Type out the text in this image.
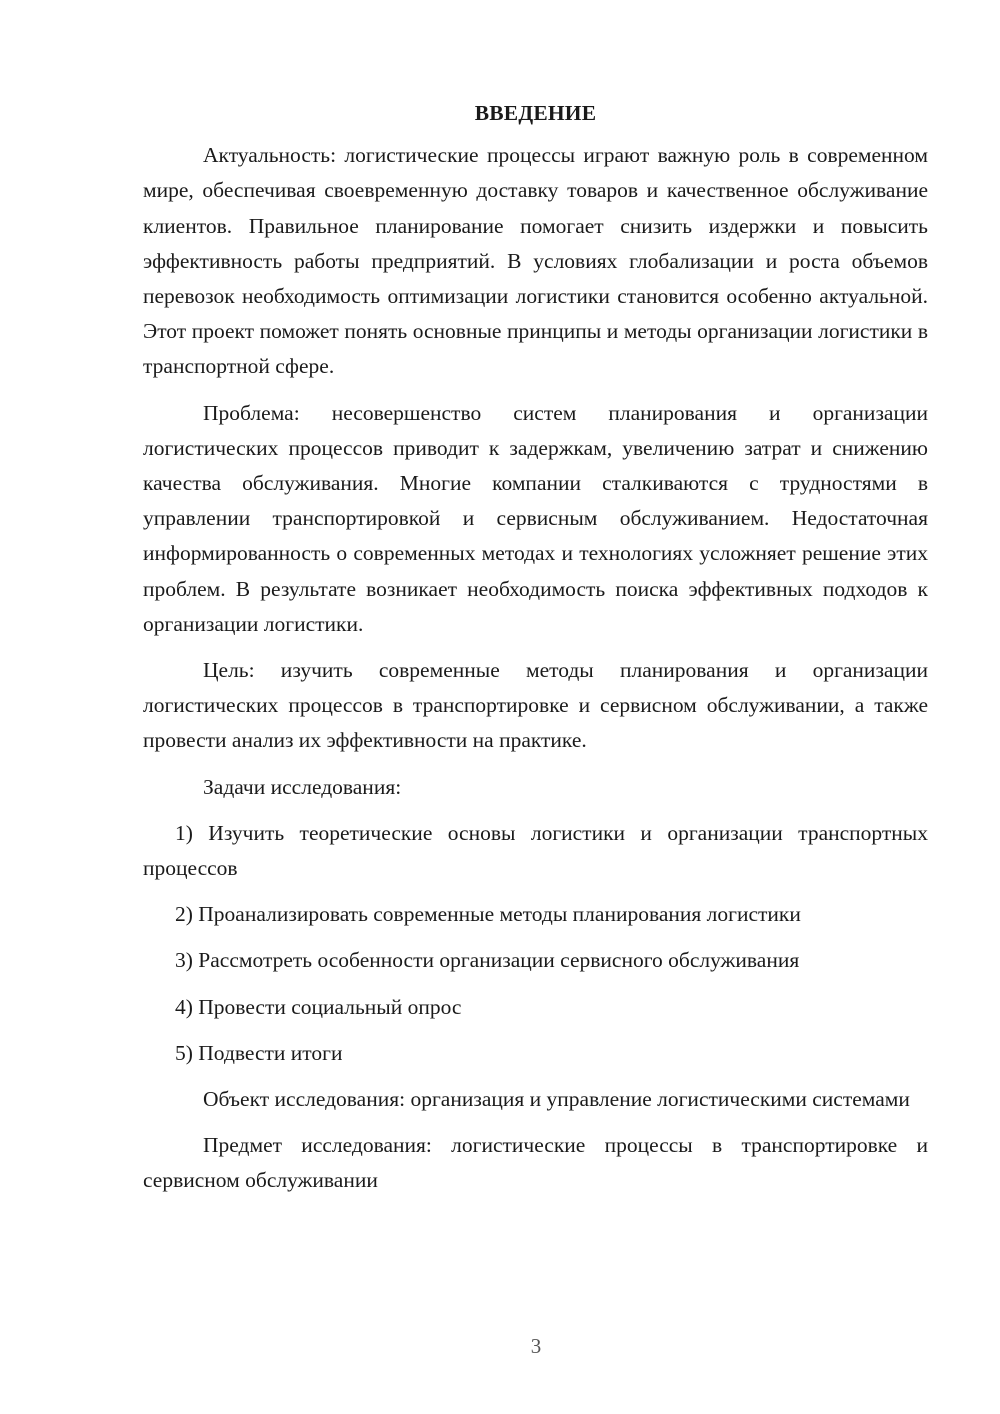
ВВЕДЕНИЕ

Актуальность: логистические процессы играют важную роль в современном мире, обеспечивая своевременную доставку товаров и качественное обслуживание клиентов. Правильное планирование помогает снизить издержки и повысить эффективность работы предприятий. В условиях глобализации и роста объемов перевозок необходимость оптимизации логистики становится особенно актуальной. Этот проект поможет понять основные принципы и методы организации логистики в транспортной сфере.

Проблема: несовершенство систем планирования и организации логистических процессов приводит к задержкам, увеличению затрат и снижению качества обслуживания. Многие компании сталкиваются с трудностями в управлении транспортировкой и сервисным обслуживанием. Недостаточная информированность о современных методах и технологиях усложняет решение этих проблем. В результате возникает необходимость поиска эффективных подходов к организации логистики.

Цель: изучить современные методы планирования и организации логистических процессов в транспортировке и сервисном обслуживании, а также провести анализ их эффективности на практике.

Задачи исследования:

1) Изучить теоретические основы логистики и организации транспортных процессов

2) Проанализировать современные методы планирования логистики

3) Рассмотреть особенности организации сервисного обслуживания

4) Провести социальный опрос

5) Подвести итоги

Объект исследования: организация и управление логистическими системами

Предмет исследования: логистические процессы в транспортировке и сервисном обслуживании

3
